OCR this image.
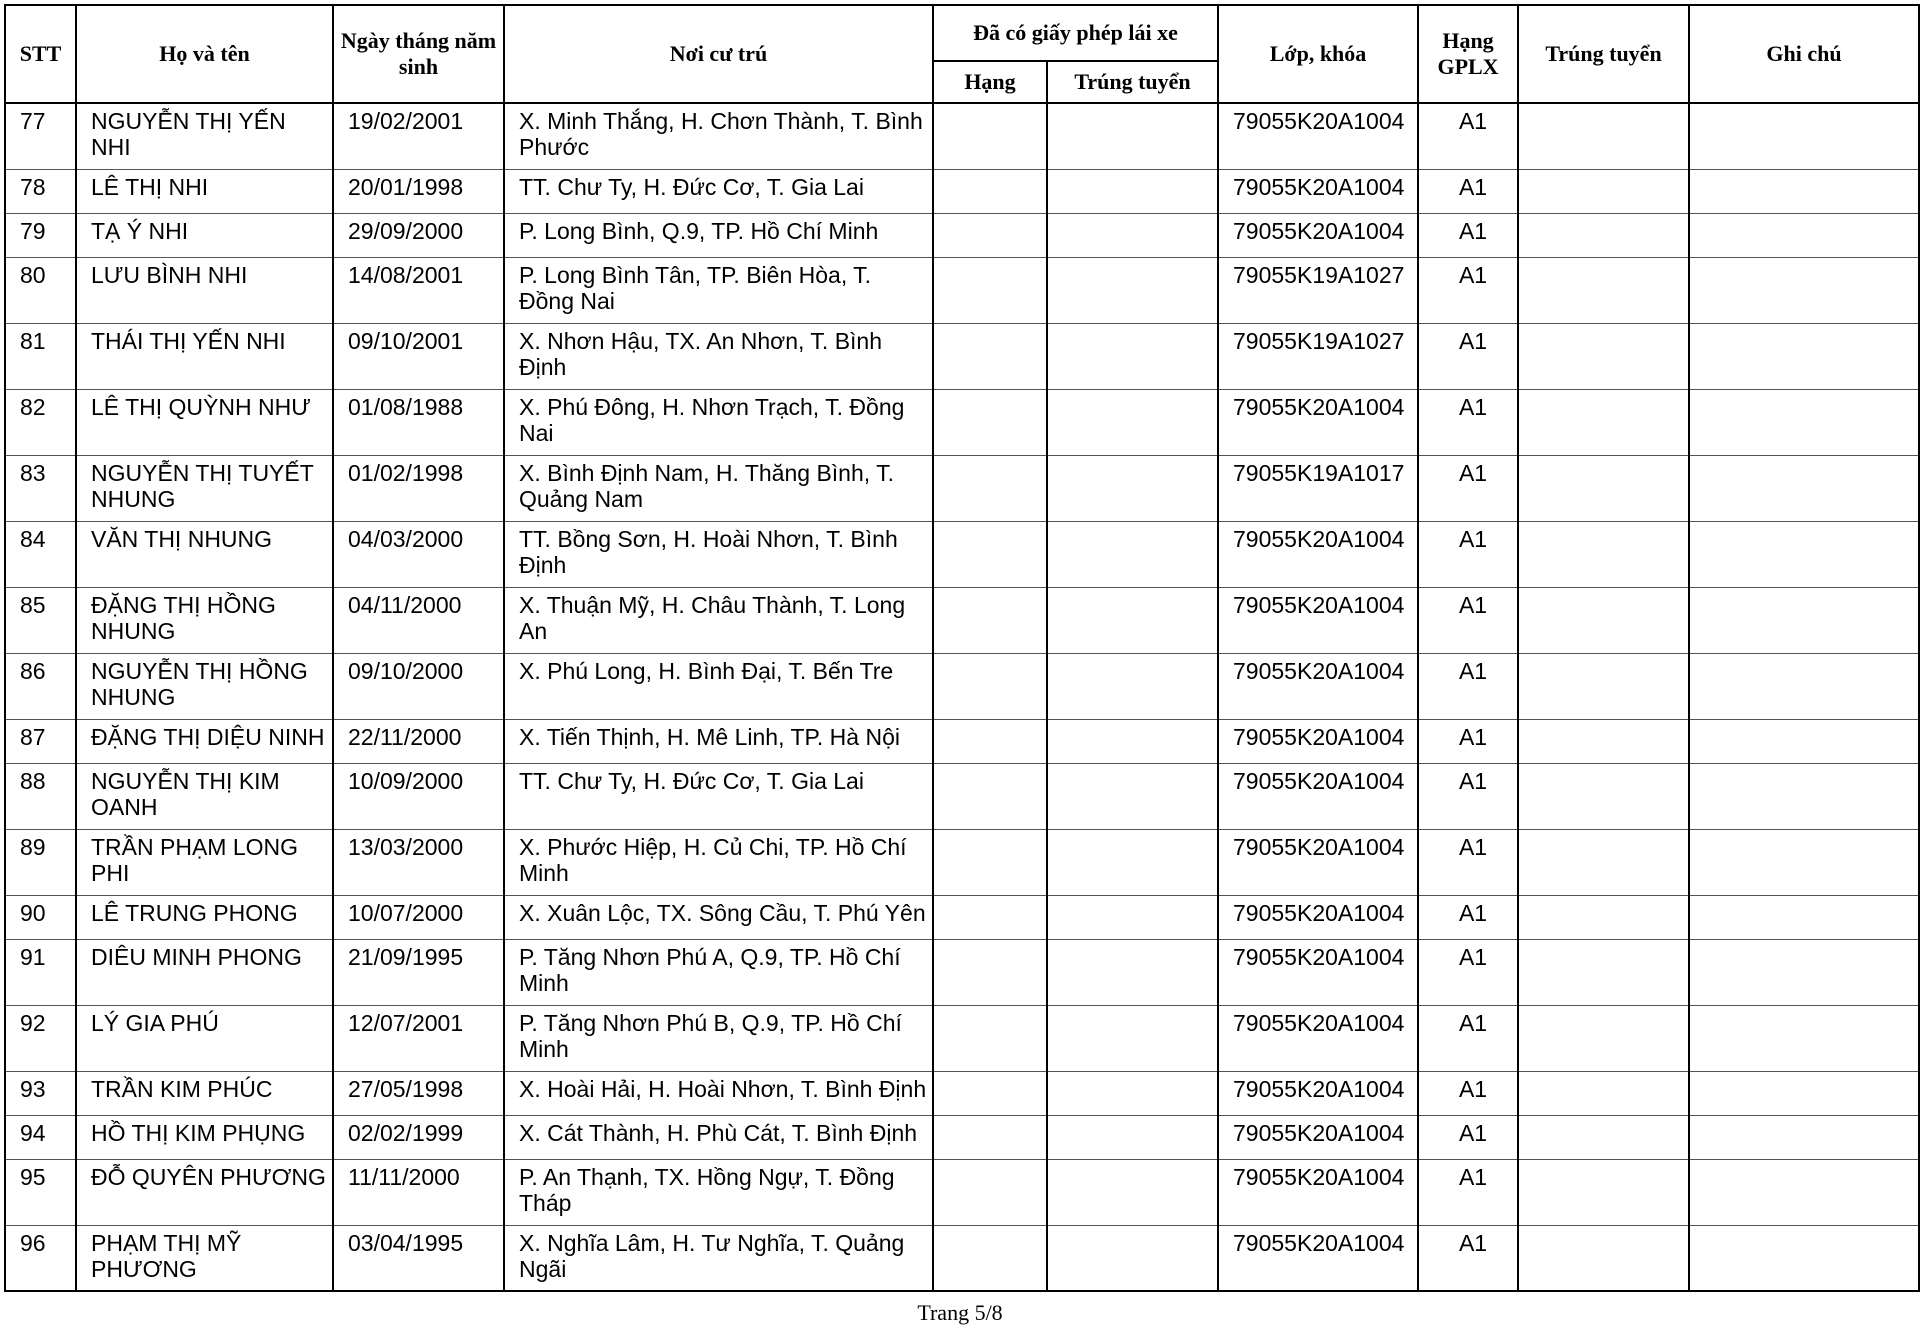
STT	Họ và tên	Ngày tháng năm sinh	Nơi cư trú	Đã có giấy phép lái xe		Lớp, khóa	Hạng GPLX	Trúng tuyển	Ghi chú
				Hạng	Trúng tuyển				
77	NGUYỄN THỊ YẾN NHI	19/02/2001	X. Minh Thắng, H. Chơn Thành, T. Bình Phước			79055K20A1004	A1		
78	LÊ THỊ NHI	20/01/1998	TT. Chư Ty, H. Đức Cơ, T. Gia Lai			79055K20A1004	A1		
79	TẠ Ý NHI	29/09/2000	P. Long Bình, Q.9, TP. Hồ Chí Minh			79055K20A1004	A1		
80	LƯU BÌNH NHI	14/08/2001	P. Long Bình Tân, TP. Biên Hòa, T. Đồng Nai			79055K19A1027	A1		
81	THÁI THỊ YẾN NHI	09/10/2001	X. Nhơn Hậu, TX. An Nhơn, T. Bình Định			79055K19A1027	A1		
82	LÊ THỊ QUỲNH NHƯ	01/08/1988	X. Phú Đông, H. Nhơn Trạch, T. Đồng Nai			79055K20A1004	A1		
83	NGUYỄN THỊ TUYẾT NHUNG	01/02/1998	X. Bình Định Nam, H. Thăng Bình, T. Quảng Nam			79055K19A1017	A1		
84	VĂN THỊ NHUNG	04/03/2000	TT. Bồng Sơn, H. Hoài Nhơn, T. Bình Định			79055K20A1004	A1		
85	ĐẶNG THỊ HỒNG NHUNG	04/11/2000	X. Thuận Mỹ, H. Châu Thành, T. Long An			79055K20A1004	A1		
86	NGUYỄN THỊ HỒNG NHUNG	09/10/2000	X. Phú Long, H. Bình Đại, T. Bến Tre			79055K20A1004	A1		
87	ĐẶNG THỊ DIỆU NINH	22/11/2000	X. Tiến Thịnh, H. Mê Linh, TP. Hà Nội			79055K20A1004	A1		
88	NGUYỄN THỊ KIM OANH	10/09/2000	TT. Chư Ty, H. Đức Cơ, T. Gia Lai			79055K20A1004	A1		
89	TRẦN PHẠM LONG PHI	13/03/2000	X. Phước Hiệp, H. Củ Chi, TP. Hồ Chí Minh			79055K20A1004	A1		
90	LÊ TRUNG PHONG	10/07/2000	X. Xuân Lộc, TX. Sông Cầu, T. Phú Yên			79055K20A1004	A1		
91	DIÊU MINH PHONG	21/09/1995	P. Tăng Nhơn Phú A, Q.9, TP. Hồ Chí Minh			79055K20A1004	A1		
92	LÝ GIA PHÚ	12/07/2001	P. Tăng Nhơn Phú B, Q.9, TP. Hồ Chí Minh			79055K20A1004	A1		
93	TRẦN KIM PHÚC	27/05/1998	X. Hoài Hải, H. Hoài Nhơn, T. Bình Định			79055K20A1004	A1		
94	HỒ THỊ KIM PHỤNG	02/02/1999	X. Cát Thành, H. Phù Cát, T. Bình Định			79055K20A1004	A1		
95	ĐỖ QUYÊN PHƯƠNG	11/11/2000	P. An Thạnh, TX. Hồng Ngự, T. Đồng Tháp			79055K20A1004	A1		
96	PHẠM THỊ MỸ PHƯƠNG	03/04/1995	X. Nghĩa Lâm, H. Tư Nghĩa, T. Quảng Ngãi			79055K20A1004	A1		
Trang 5/8
